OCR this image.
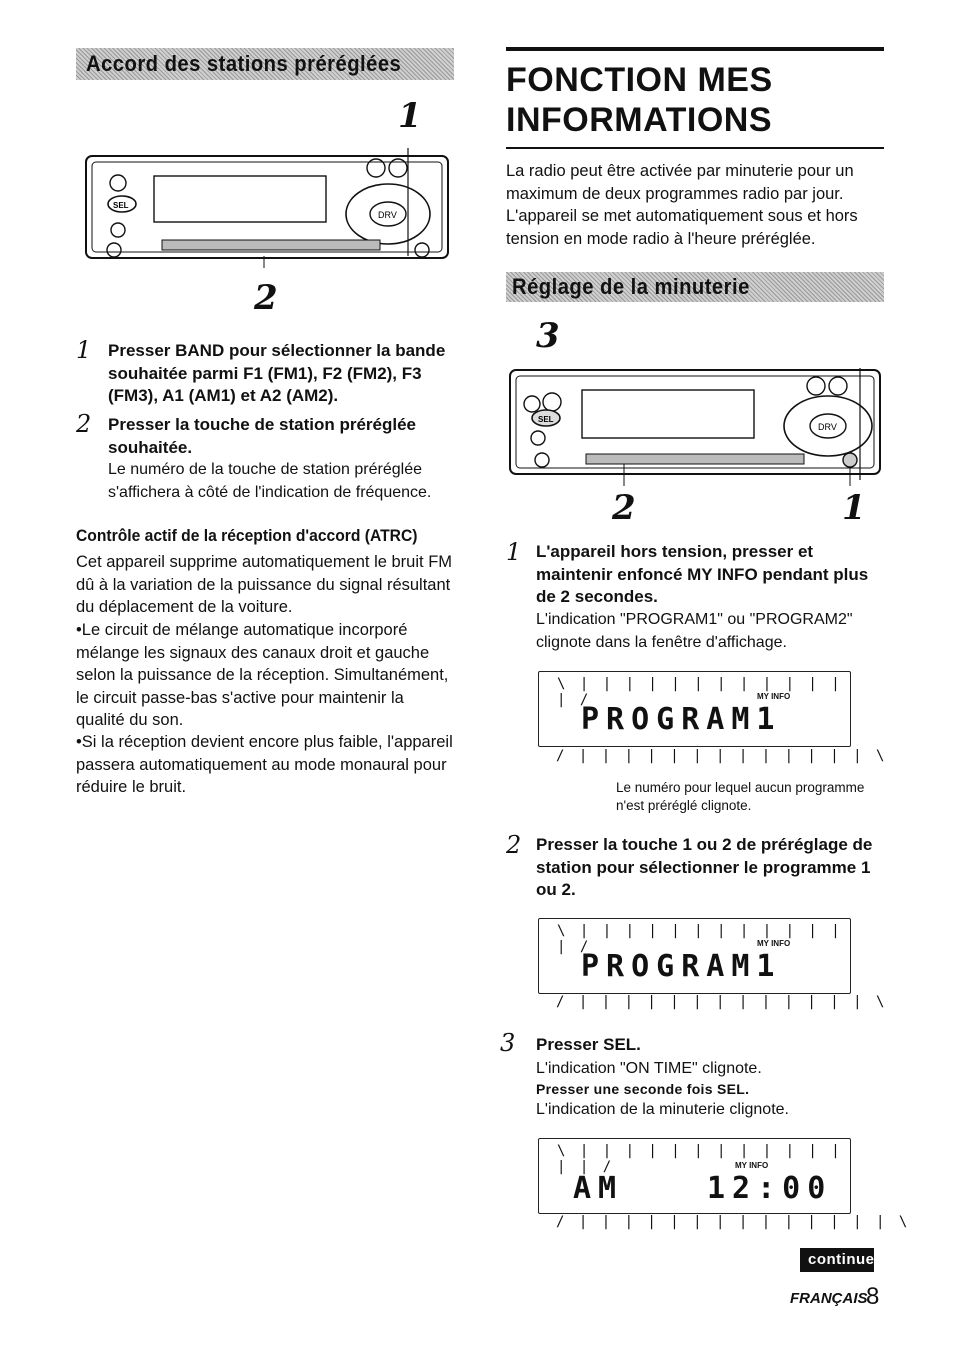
Accord des stations préréglées
1
SEL
DRV
2
1 Presser BAND pour sélectionner la bande souhaitée parmi F1 (FM1), F2 (FM2), F3 (FM3), A1 (AM1) et A2 (AM2).
2 Presser la touche de station préréglée souhaitée.
Le numéro de la touche de station préréglée s'affichera à côté de l'indication de fréquence.
Contrôle actif de la réception d'accord (ATRC)
Cet appareil supprime automatiquement le bruit FM dû à la variation de la puissance du signal résultant du déplacement de la voiture.
•Le circuit de mélange automatique incorporé mélange les signaux des canaux droit et gauche selon la puissance de la réception. Simultanément, le circuit passe-bas s'active pour maintenir la qualité du son.
•Si la réception devient encore plus faible, l'appareil passera automatiquement au mode monaural pour réduire le bruit.
FONCTION MES
INFORMATIONS
La radio peut être activée par minuterie pour un maximum de deux programmes radio par jour. L'appareil se met automatiquement sous et hors tension en mode radio à l'heure préréglée.
Réglage de la minuterie
3
SEL
DRV
2	1
1 L'appareil hors tension, presser et maintenir enfoncé MY INFO pendant plus de 2 secondes.
L'indication "PROGRAM1" ou "PROGRAM2" clignote dans la fenêtre d'affichage.
\ | | | | | | | | | | | | | /	MY INFO
PROGRAM1
/ | | | | | | | | | | | | | \
Le numéro pour lequel aucun programme n'est préréglé clignote.
2 Presser la touche 1 ou 2 de préréglage de station pour sélectionner le programme 1 ou 2.
\ | | | | | | | | | | | | | /	MY INFO
PROGRAM1
/ | | | | | | | | | | | | | \
3 Presser SEL.
L'indication "ON TIME" clignote.
Presser une seconde fois SEL.
L'indication de la minuterie clignote.
\ | | | | | | | | | | | | | | /	MY INFO
AM	12:00
/ | | | | | | | | | | | | | | \
continue
FRANÇAIS
8
